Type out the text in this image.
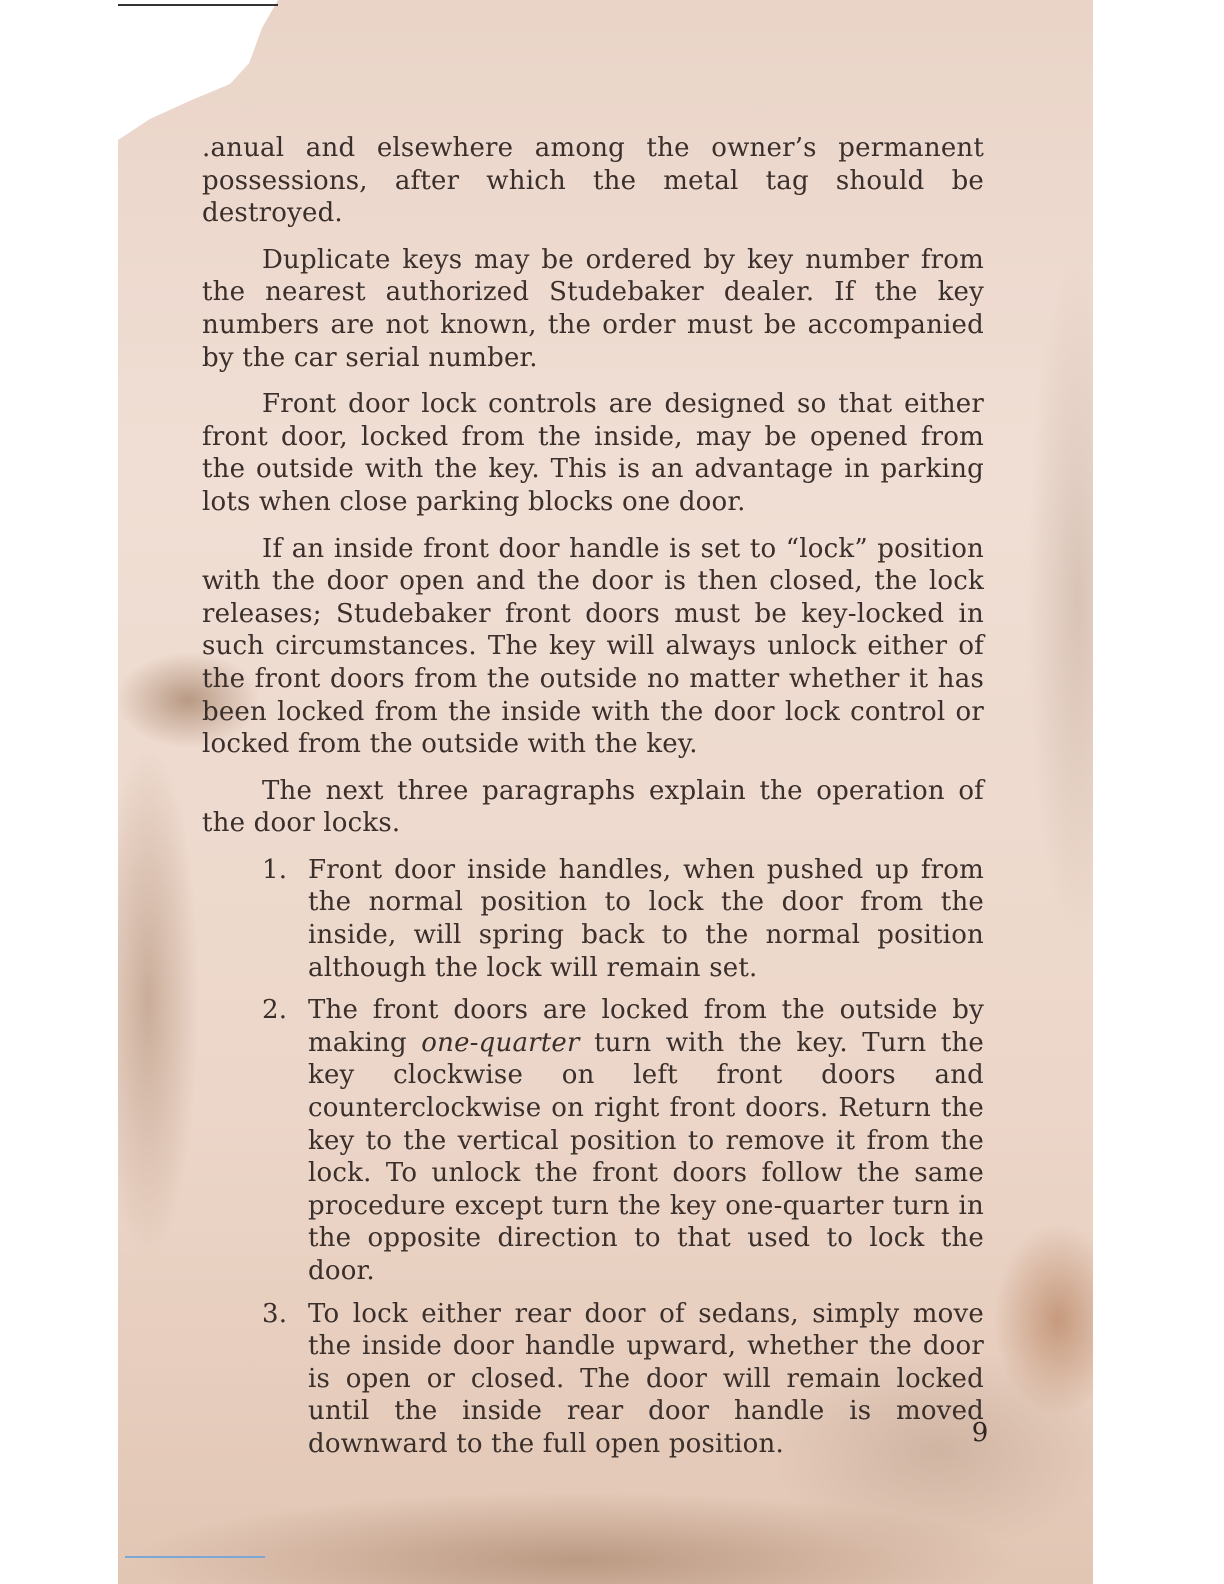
.anual and elsewhere among the owner’s permanent possessions, after which the metal tag should be destroyed.

Duplicate keys may be ordered by key number from the nearest authorized Studebaker dealer. If the key numbers are not known, the order must be accompanied by the car serial number.

Front door lock controls are designed so that either front door, locked from the inside, may be opened from the outside with the key. This is an advantage in parking lots when close parking blocks one door.

If an inside front door handle is set to “lock” position with the door open and the door is then closed, the lock releases; Studebaker front doors must be key-locked in such circumstances. The key will always unlock either of the front doors from the outside no matter whether it has been locked from the inside with the door lock control or locked from the outside with the key.

The next three paragraphs explain the operation of the door locks.

1. Front door inside handles, when pushed up from the normal position to lock the door from the inside, will spring back to the normal position although the lock will remain set.
2. The front doors are locked from the outside by making one-quarter turn with the key. Turn the key clockwise on left front doors and counterclockwise on right front doors. Return the key to the vertical position to remove it from the lock. To unlock the front doors follow the same procedure except turn the key one-quarter turn in the opposite direction to that used to lock the door.
3. To lock either rear door of sedans, simply move the inside door handle upward, whether the door is open or closed. The door will remain locked until the inside rear door handle is moved downward to the full open position.	9
